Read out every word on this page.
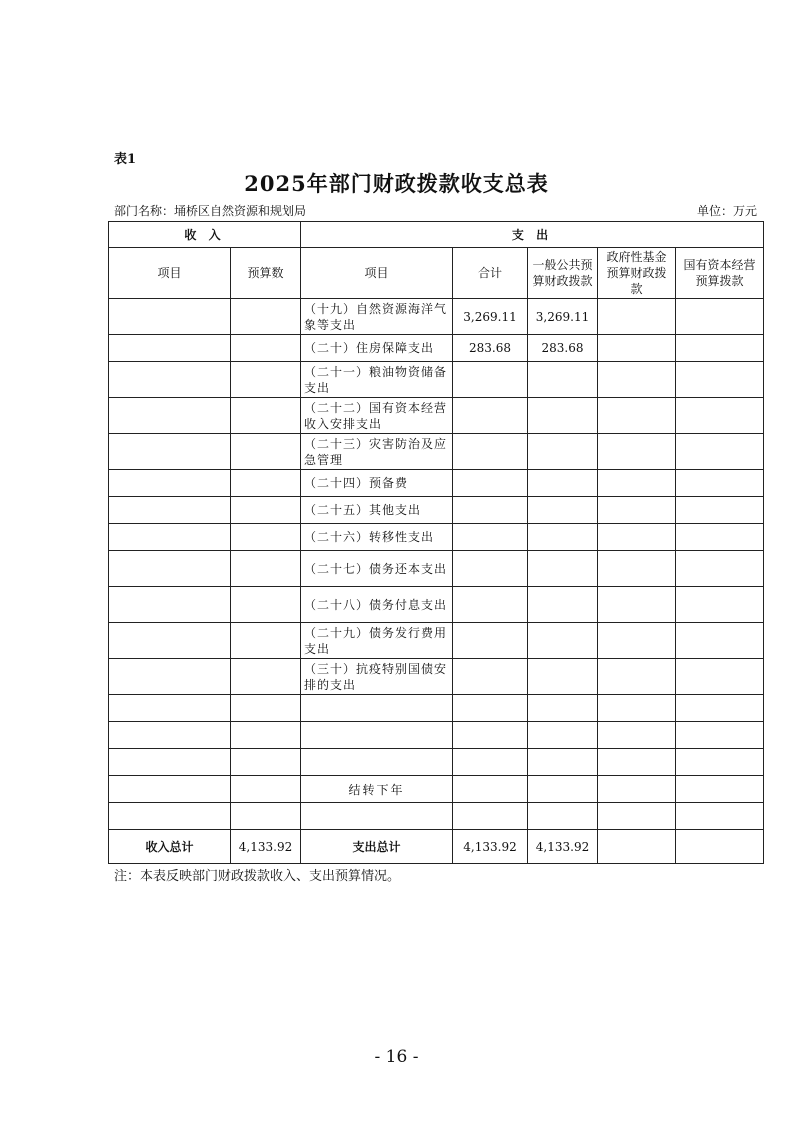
表1
2025年部门财政拨款收支总表
部门名称：埇桥区自然资源和规划局	单位：万元
收 入		支 出				
项目	预算数	项目	合计	一般公共预算财政拨款	政府性基金预算财政拨款	国有资本经营预算拨款
		（十九）自然资源海洋气象等支出	3,269.11	3,269.11		
		（二十）住房保障支出	283.68	283.68		
		（二十一）粮油物资储备支出				
		（二十二）国有资本经营收入安排支出				
		（二十三）灾害防治及应急管理				
		（二十四）预备费				
		（二十五）其他支出				
		（二十六）转移性支出				
		（二十七）债务还本支出				
		（二十八）债务付息支出				
		（二十九）债务发行费用支出				
		（三十）抗疫特别国债安排的支出				

		结转下年				

收入总计	4,133.92	支出总计	4,133.92	4,133.92		
注：本表反映部门财政拨款收入、支出预算情况。
- 16 -
